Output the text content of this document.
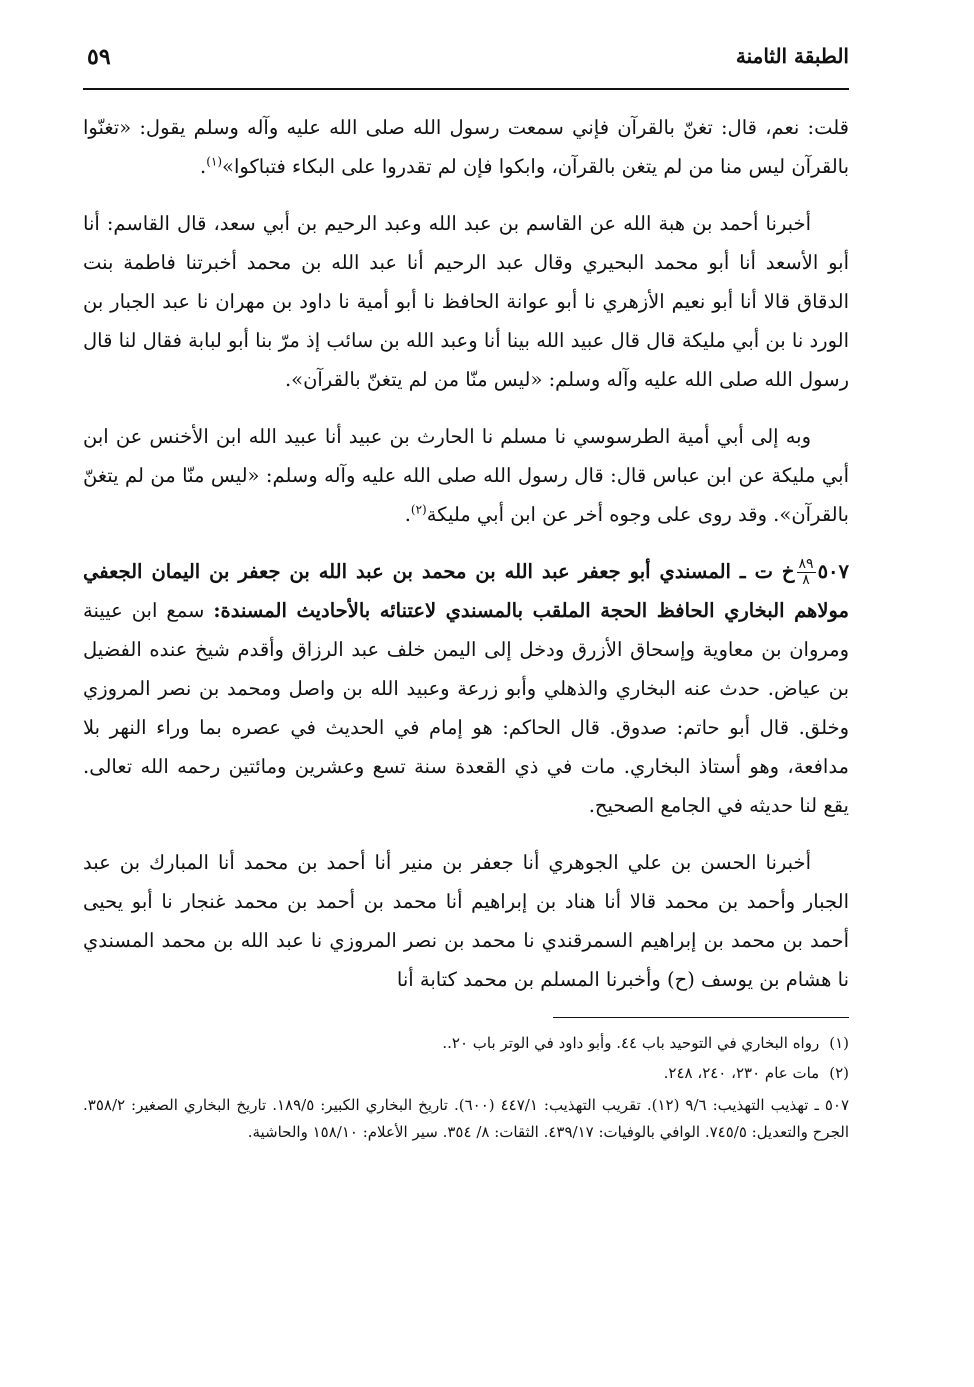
الطبقة الثامنة
٥٩

قلت: نعم، قال: تغنّ بالقرآن فإني سمعت رسول الله صلى الله عليه وآله وسلم يقول: «تغنّوا بالقرآن ليس منا من لم يتغن بالقرآن، وابكوا فإن لم تقدروا على البكاء فتباكوا»$^{(١)}$.

أخبرنا أحمد بن هبة الله عن القاسم بن عبد الله وعبد الرحيم بن أبي سعد، قال القاسم: أنا أبو الأسعد أنا أبو محمد البحيري وقال عبد الرحيم أنا عبد الله بن محمد أخبرتنا فاطمة بنت الدقاق قالا أنا أبو نعيم الأزهري نا أبو عوانة الحافظ نا أبو أمية نا داود بن مهران نا عبد الجبار بن الورد نا بن أبي مليكة قال قال عبيد الله بينا أنا وعبد الله بن سائب إذ مرّ بنا أبو لبابة فقال لنا قال رسول الله صلى الله عليه وآله وسلم: «ليس منّا من لم يتغنّ بالقرآن».

وبه إلى أبي أمية الطرسوسي نا مسلم نا الحارث بن عبيد أنا عبيد الله ابن الأخنس عن ابن أبي مليكة عن ابن عباس قال: قال رسول الله صلى الله عليه وآله وسلم: «ليس منّا من لم يتغنّ بالقرآن». وقد روى على وجوه أخر عن ابن أبي مليكة$^{(٢)}$.

٥٠٧
$\frac{٨٩}{٨}$
خ ت ـ المسندي أبو جعفر عبد الله بن محمد بن عبد الله بن جعفر بن اليمان الجعفي مولاهم البخاري الحافظ الحجة الملقب بالمسندي لاعتنائه بالأحاديث المسندة: سمع ابن عيينة ومروان بن معاوية وإسحاق الأزرق ودخل إلى اليمن خلف عبد الرزاق وأقدم شيخ عنده الفضيل بن عياض. حدث عنه البخاري والذهلي وأبو زرعة وعبيد الله بن واصل ومحمد بن نصر المروزي وخلق. قال أبو حاتم: صدوق. قال الحاكم: هو إمام في الحديث في عصره بما وراء النهر بلا مدافعة، وهو أستاذ البخاري. مات في ذي القعدة سنة تسع وعشرين ومائتين رحمه الله تعالى. يقع لنا حديثه في الجامع الصحيح.

أخبرنا الحسن بن علي الجوهري أنا جعفر بن منير أنا أحمد بن محمد أنا المبارك بن عبد الجبار وأحمد بن محمد قالا أنا هناد بن إبراهيم أنا محمد بن أحمد بن محمد غنجار نا أبو يحيى أحمد بن محمد بن إبراهيم السمرقندي نا محمد بن نصر المروزي نا عبد الله بن محمد المسندي نا هشام بن يوسف (ح) وأخبرنا المسلم بن محمد كتابة أنا

(١)رواه البخاري في التوحيد باب ٤٤. وأبو داود في الوتر باب ٢٠..

(٢)مات عام ٢٣٠، ٢٤٠، ٢٤٨.

٥٠٧ ـ تهذيب التهذيب: ٩/٦ (١٢). تقريب التهذيب: ٤٤٧/١ (٦٠٠). تاريخ البخاري الكبير: ١٨٩/٥. تاريخ البخاري الصغير: ٣٥٨/٢. الجرح والتعديل: ٧٤٥/٥. الوافي بالوفيات: ٤٣٩/١٧. الثقات: ٨/ ٣٥٤. سير الأعلام: ١٥٨/١٠ والحاشية.
